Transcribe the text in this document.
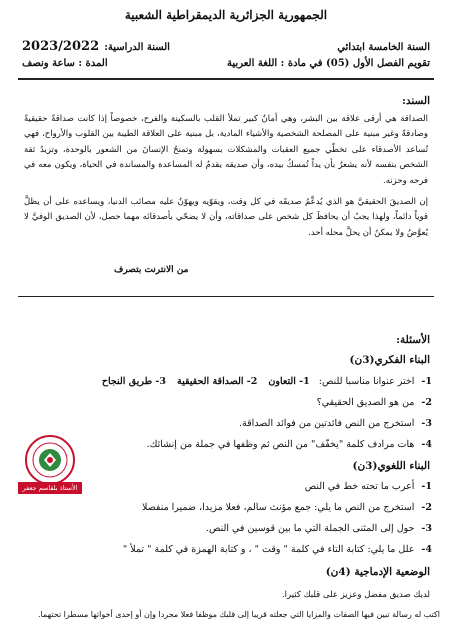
الجمهورية الجزائرية الديمقراطية الشعبية
السنة الخامسة ابتدائي
السنة الدراسية: 2023/2022
تقويم الفصل الأول (05) في مادة : اللغة العربية
المدة : ساعة ونصف
السند:
الصداقة هي أرقى علاقة بين البشر، وهي أمانٌ كبير تملأ القلب بالسكينة والفرح، خصوصاً إذا كانت صداقةً حقيقيةً وصادقةً وغير مبنية على المصلحة الشخصية والأشياء المادية، بل مبنية على العلاقة الطيبة بين القلوب والأرواح، فهي تُساعد الأصدقاء على تخطّي جميع العقبات والمشكلات بسهولة وتمنحُ الإنسانَ من الشعور بالوحدة، وتزيدُ ثقة الشخص بنفسه لأنه يشعرُ بأن يداً تُمسكُ بيده، وأن صديقه يقدمُ له المساعدة والمساندة في الحياة، ويكون معه في فرحه وحزنه.
إن الصديقَ الحقيقيَّ هو الذي يُدعِّمُ صديقَه في كل وقت، ويقوّيه ويهوّنُ عليه مصائب الدنيا، ويساعده على أن يظلَّ قوياً دائماً، ولهذا يجبُ أن يحافظَ كل شخص على صداقاته، وأن لا يضحّي بأصدقائه مهما حصل، لأن الصديق الوفيَّ لا يُعوَّضُ ولا يمكنُ أن يحلَّ محله أحد.
من الانترنت بتصرف
الأسئلة:
البناء الفكري(3ن)
1- اختر عنوانا مناسبا للنص: 1- التعاون 2- الصداقة الحقيقية 3- طريق النجاح
2- من هو الصديق الحقيقي؟
3- استخرج من النص فائدتين من فوائد الصداقة.
4- هات مرادف كلمة "يخفّف" من النص ثم وظفها في جملة من إنشائك.
البناء اللغوي(3ن)
1- أعرب ما تحته خط في النص
2- استخرج من النص ما يلي: جمع مؤنث سالم، فعلا مزيدا، ضميرا منفصلا
3- حول إلى المثنى الجملة التي ما بين قوسين في النص.
4- علل ما يلي: كتابة التاء في كلمة " وقت " ، و كتابة الهمزة في كلمة " تملأ "
الوضعية الإدماجية (4ن)
لديك صديق مفضل وعزيز على قلبك كثيرا.
اكتب له رسالة تبين فيها الصفات والمزايا التي جعلته قريبا إلى قلبك موظفا فعلا مجردا وإن أو إحدى أخواتها مسطرا تحتهما.
الأستاذ بلقاسم جعفر
